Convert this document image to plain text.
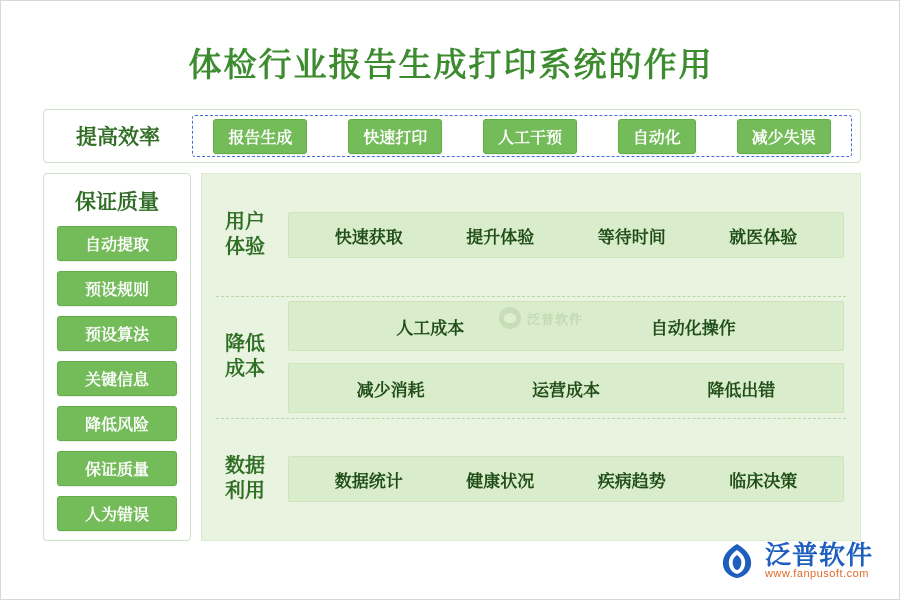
体检行业报告生成打印系统的作用
提高效率	报告生成	快速打印	人工干预	自动化	减少失误
保证质量
自动提取
预设规则
预设算法
关键信息
降低风险
保证质量
人为错误
用户
体验	快速获取	提升体验	等待时间	就医体验
降低
成本
人工成本	自动化操作
减少消耗	运营成本	降低出错
数据
利用	数据统计	健康状况	疾病趋势	临床决策
泛普软件
泛普软件
www.fanpusoft.com
